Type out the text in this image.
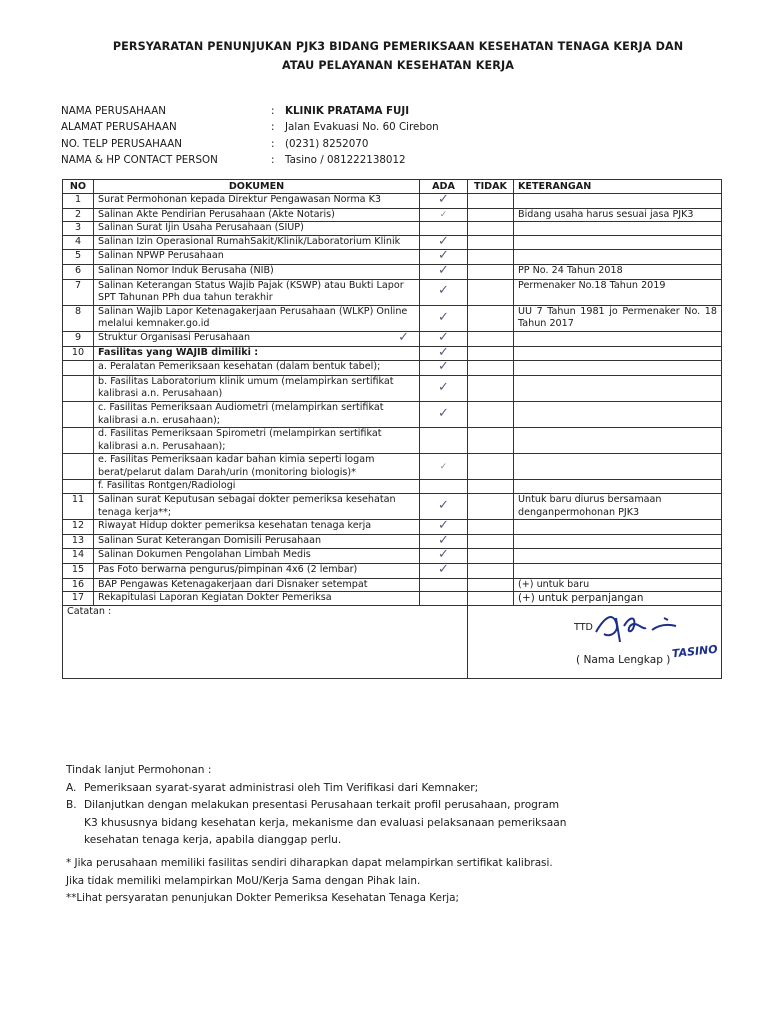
PERSYARATAN PENUNJUKAN PJK3 BIDANG PEMERIKSAAN KESEHATAN TENAGA KERJA DAN
ATAU PELAYANAN KESEHATAN KERJA
NAMA PERUSAHAAN	: KLINIK PRATAMA FUJI
ALAMAT PERUSAHAAN	: Jalan Evakuasi No. 60 Cirebon
NO. TELP PERUSAHAAN	: (0231) 8252070
NAMA & HP CONTACT PERSON	: Tasino / 081222138012
NO	DOKUMEN	ADA	TIDAK	KETERANGAN
1	Surat Permohonan kepada Direktur Pengawasan Norma K3	✓		
2	Salinan Akte Pendirian Perusahaan (Akte Notaris)	✓		Bidang usaha harus sesuai jasa PJK3
3	Salinan Surat Ijin Usaha Perusahaan (SIUP)			
4	Salinan Izin Operasional RumahSakit/Klinik/Laboratorium Klinik	✓		
5	Salinan NPWP Perusahaan	✓		
6	Salinan Nomor Induk Berusaha (NIB)	✓		PP No. 24 Tahun 2018
7	Salinan Keterangan Status Wajib Pajak (KSWP) atau Bukti Lapor SPT Tahunan PPh dua tahun terakhir	✓		Permenaker No.18 Tahun 2019
8	Salinan Wajib Lapor Ketenagakerjaan Perusahaan (WLKP) Online melalui kemnaker.go.id	✓		UU 7 Tahun 1981 jo Permenaker No. 18 Tahun 2017
9	Struktur Organisasi Perusahaan ✓	✓		
10	Fasilitas yang WAJIB dimiliki :	✓		
	a. Peralatan Pemeriksaan kesehatan (dalam bentuk tabel);	✓		
	b. Fasilitas Laboratorium klinik umum (melampirkan sertifikat kalibrasi a.n. Perusahaan)	✓		
	c. Fasilitas Pemeriksaan Audiometri (melampirkan sertifikat kalibrasi a.n. erusahaan);	✓		
	d. Fasilitas Pemeriksaan Spirometri (melampirkan sertifikat kalibrasi a.n. Perusahaan);			
	e. Fasilitas Pemeriksaan kadar bahan kimia seperti logam berat/pelarut dalam Darah/urin (monitoring biologis)*	✓		
	f. Fasilitas Rontgen/Radiologi			
11	Salinan surat Keputusan sebagai dokter pemeriksa kesehatan tenaga kerja**;	✓		Untuk baru diurus bersamaan denganpermohonan PJK3
12	Riwayat Hidup dokter pemeriksa kesehatan tenaga kerja	✓		
13	Salinan Surat Keterangan Domisili Perusahaan	✓		
14	Salinan Dokumen Pengolahan Limbah Medis	✓		
15	Pas Foto berwarna pengurus/pimpinan 4x6 (2 lembar)	✓		
16	BAP Pengawas Ketenagakerjaan dari Disnaker setempat			(+) untuk baru
17	Rekapitulasi Laporan Kegiatan Dokter Pemeriksa			(+) untuk perpanjangan
Catatan :			TTD
( Nama Lengkap ) TASINO	
Tindak lanjut Permohonan :
A. Pemeriksaan syarat-syarat administrasi oleh Tim Verifikasi dari Kemnaker;
B. Dilanjutkan dengan melakukan presentasi Perusahaan terkait profil perusahaan, program
K3 khususnya bidang kesehatan kerja, mekanisme dan evaluasi pelaksanaan pemeriksaan
kesehatan tenaga kerja, apabila dianggap perlu.
* Jika perusahaan memiliki fasilitas sendiri diharapkan dapat melampirkan sertifikat kalibrasi.
Jika tidak memiliki melampirkan MoU/Kerja Sama dengan Pihak lain.
**Lihat persyaratan penunjukan Dokter Pemeriksa Kesehatan Tenaga Kerja;
